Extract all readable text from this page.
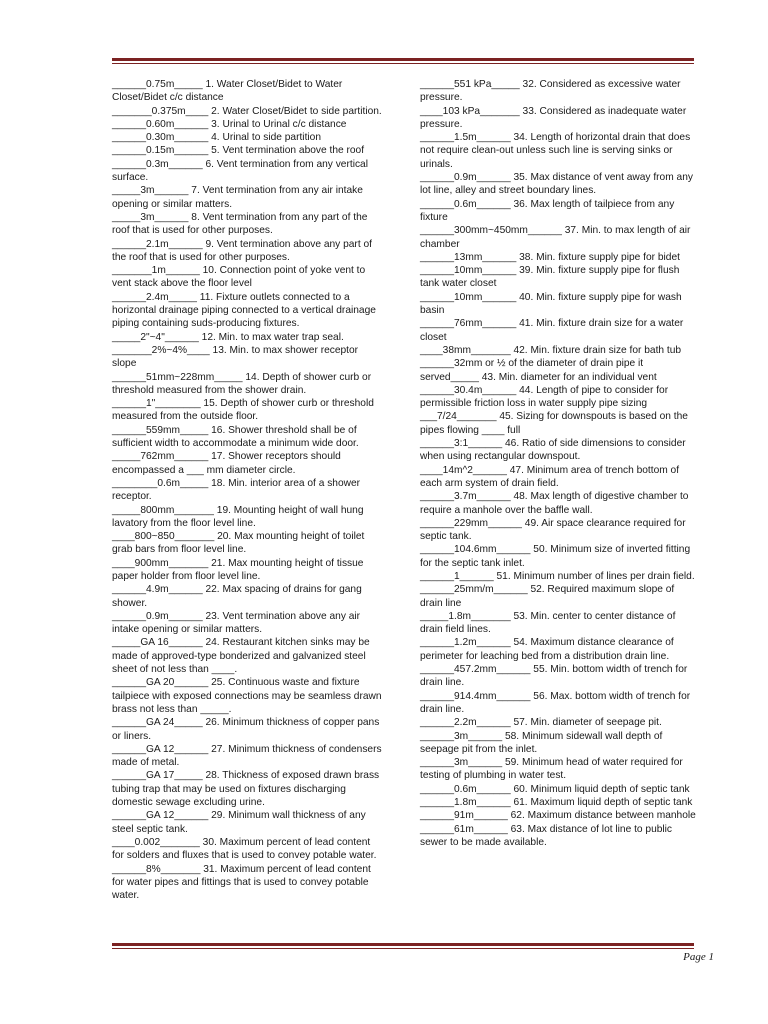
______0.75m_____ 1. Water Closet/Bidet to Water Closet/Bidet c/c distance

_______0.375m____ 2. Water Closet/Bidet to side partition.

______0.60m______ 3. Urinal to Urinal c/c distance

______0.30m______ 4. Urinal to side partition

______0.15m______ 5. Vent termination above the roof

______0.3m______ 6. Vent termination from any vertical surface.

_____3m______ 7. Vent termination from any air intake opening or similar matters.

_____3m______ 8. Vent termination from any part of the roof that is used for other purposes.

______2.1m______ 9. Vent termination above any part of the roof that is used for other purposes.

_______1m______ 10. Connection point of yoke vent to vent stack above the floor level

______2.4m_____ 11. Fixture outlets connected to a horizontal drainage piping connected to a vertical drainage piping containing suds-producing fixtures.

_____2"~4"______ 12. Min. to max water trap seal.

_______2%~4%____ 13. Min. to max shower receptor slope

______51mm~228mm_____ 14. Depth of shower curb or threshold measured from the shower drain.

______1"________ 15. Depth of shower curb or threshold measured from the outside floor.

______559mm_____ 16. Shower threshold shall be of sufficient width to accommodate a minimum wide door.

_____762mm______ 17. Shower receptors should encompassed a ___ mm diameter circle.

________0.6m_____ 18. Min. interior area of a shower receptor.

_____800mm_______ 19. Mounting height of wall hung lavatory from the floor level line.

____800~850_______ 20. Max mounting height of toilet grab bars from floor level line.

____900mm_______ 21. Max mounting height of tissue paper holder from floor level line.

______4.9m______ 22. Max spacing of drains for gang shower.

______0.9m______ 23. Vent termination above any air intake opening or similar matters.

_____GA 16______ 24. Restaurant kitchen sinks may be made of approved-type bonderized and galvanized steel sheet of not less than ____.

______GA 20______ 25. Continuous waste and fixture tailpiece with exposed connections may be seamless drawn brass not less than _____.

______GA 24_____ 26. Minimum thickness of copper pans or liners.

______GA 12______ 27. Minimum thickness of condensers made of metal.

______GA 17_____ 28. Thickness of exposed drawn brass tubing trap that may be used on fixtures discharging domestic sewage excluding urine.

______GA 12______ 29. Minimum wall thickness of any steel septic tank.

____0.002_______ 30. Maximum percent of lead content for solders and fluxes that is used to convey potable water.

______8%_______ 31. Maximum percent of lead content for water pipes and fittings that is used to convey potable water.

______551 kPa_____ 32. Considered as excessive water pressure.

____103 kPa_______ 33. Considered as inadequate water pressure.

______1.5m______ 34. Length of horizontal drain that does not require clean-out unless such line is serving sinks or urinals.

______0.9m______ 35. Max distance of vent away from any lot line, alley and street boundary lines.

______0.6m______ 36. Max length of tailpiece from any fixture

______300mm~450mm______ 37. Min. to max length of air chamber

______13mm______ 38. Min. fixture supply pipe for bidet

______10mm______ 39. Min. fixture supply pipe for flush tank water closet

______10mm______ 40. Min. fixture supply pipe for wash basin

______76mm______ 41. Min. fixture drain size for a water closet

____38mm_______ 42. Min. fixture drain size for bath tub

______32mm or ½ of the diameter of drain pipe it served_____ 43. Min. diameter for an individual vent

______30.4m______ 44. Length of pipe to consider for permissible friction loss in water supply pipe sizing

___7/24_______ 45. Sizing for downspouts is based on the pipes flowing ____ full

______3:1______ 46. Ratio of side dimensions to consider when using rectangular downspout.

____14m^2______ 47. Minimum area of trench bottom of each arm system of drain field.

______3.7m______ 48. Max length of digestive chamber to require a manhole over the baffle wall.

______229mm______ 49. Air space clearance required for septic tank.

______104.6mm______ 50. Minimum size of inverted fitting for the septic tank inlet.

______1______ 51. Minimum number of lines per drain field.

______25mm/m______ 52. Required maximum slope of drain line

_____1.8m_______ 53. Min. center to center distance of drain field lines.

______1.2m______ 54. Maximum distance clearance of perimeter for leaching bed from a distribution drain line.

______457.2mm______ 55. Min. bottom width of trench for drain line.

______914.4mm______ 56. Max. bottom width of trench for drain line.

______2.2m______ 57. Min. diameter of seepage pit.

______3m______ 58. Minimum sidewall wall depth of seepage pit from the inlet.

______3m______ 59. Minimum head of water required for testing of plumbing in water test.

______0.6m______ 60. Minimum liquid depth of septic tank

______1.8m______ 61. Maximum liquid depth of septic tank

______91m______ 62. Maximum distance between manhole

______61m______ 63. Max distance of lot line to public sewer to be made available.

Page 1
